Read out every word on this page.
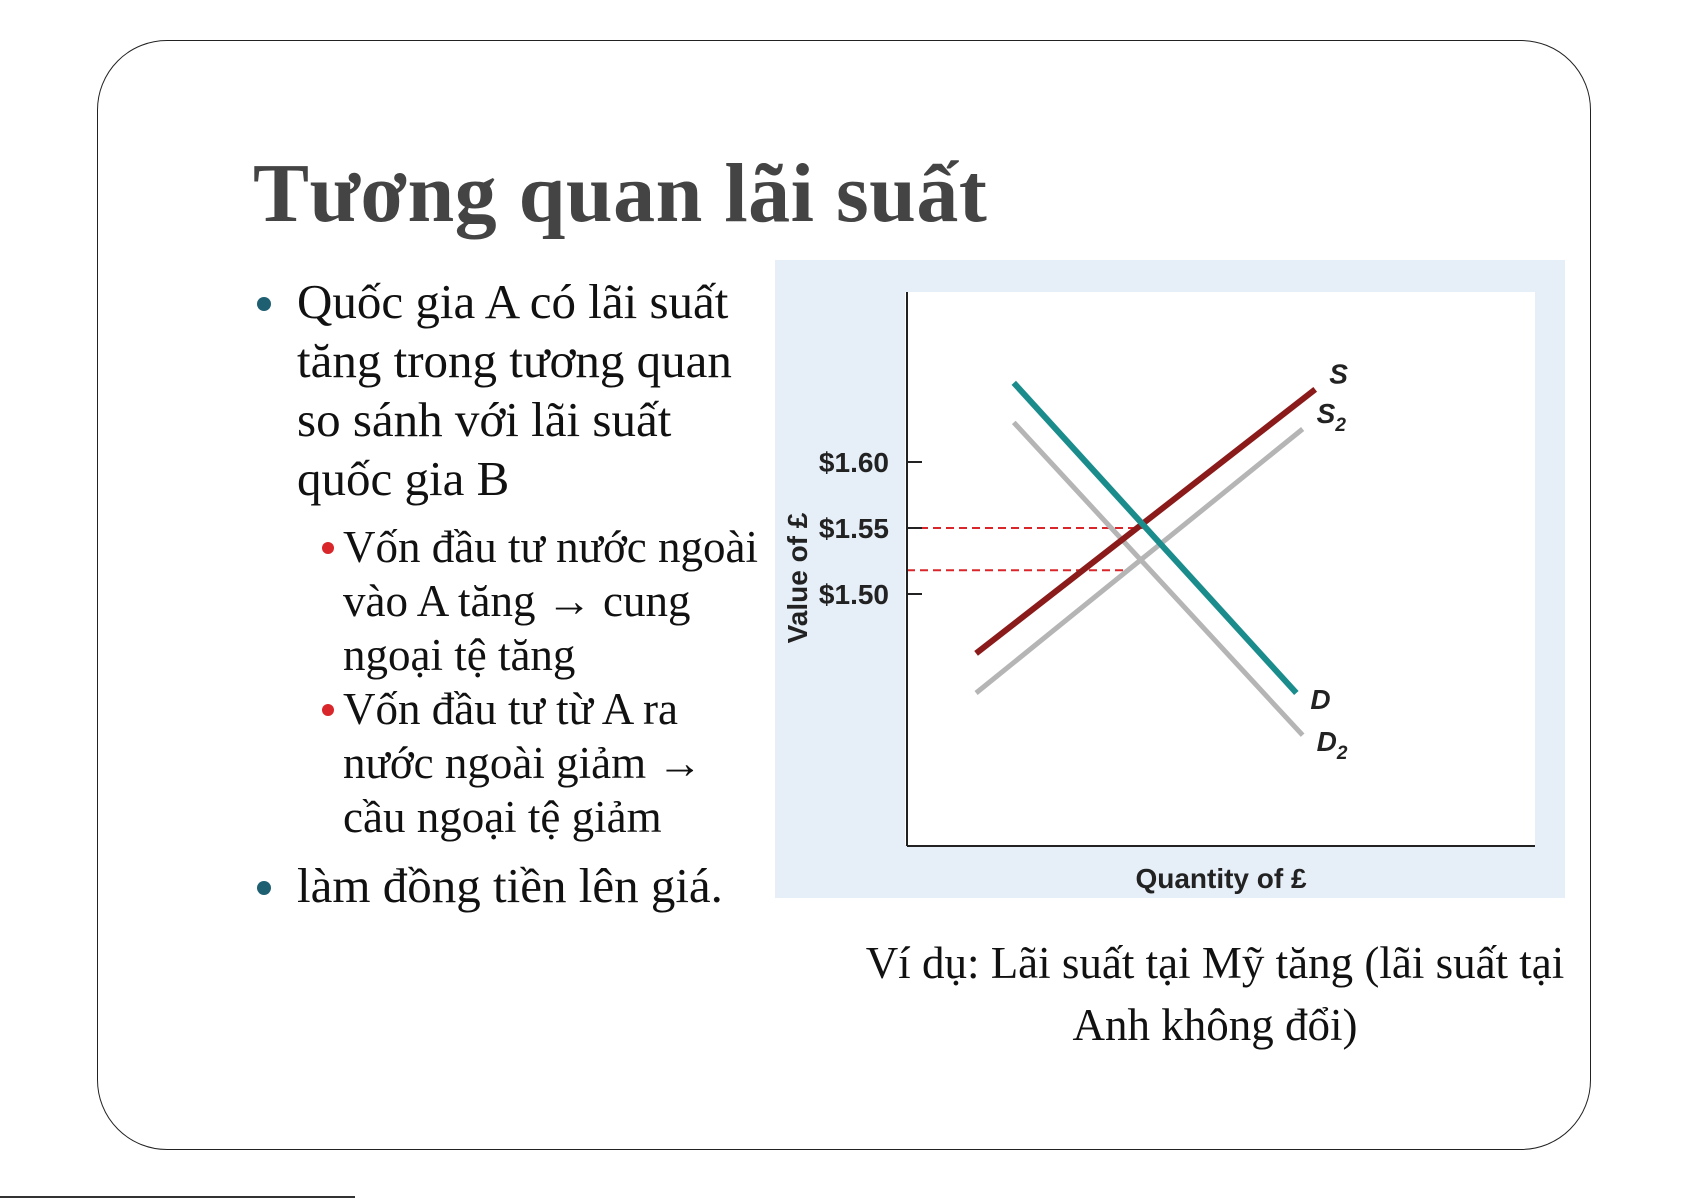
Tương quan lãi suất
Quốc gia A có lãi suất tăng trong tương quan so sánh với lãi suất quốc gia B
Vốn đầu tư nước ngoài vào A tăng → cung ngoại tệ tăng
Vốn đầu tư từ A ra nước ngoài giảm → cầu ngoại tệ giảm
làm đồng tiền lên giá.
$1.60
$1.55
$1.50
$S_2$
$D_2$
S
D
Quantity of £
Value of £

Ví dụ: Lãi suất tại Mỹ tăng (lãi suất tại Anh không đổi)
